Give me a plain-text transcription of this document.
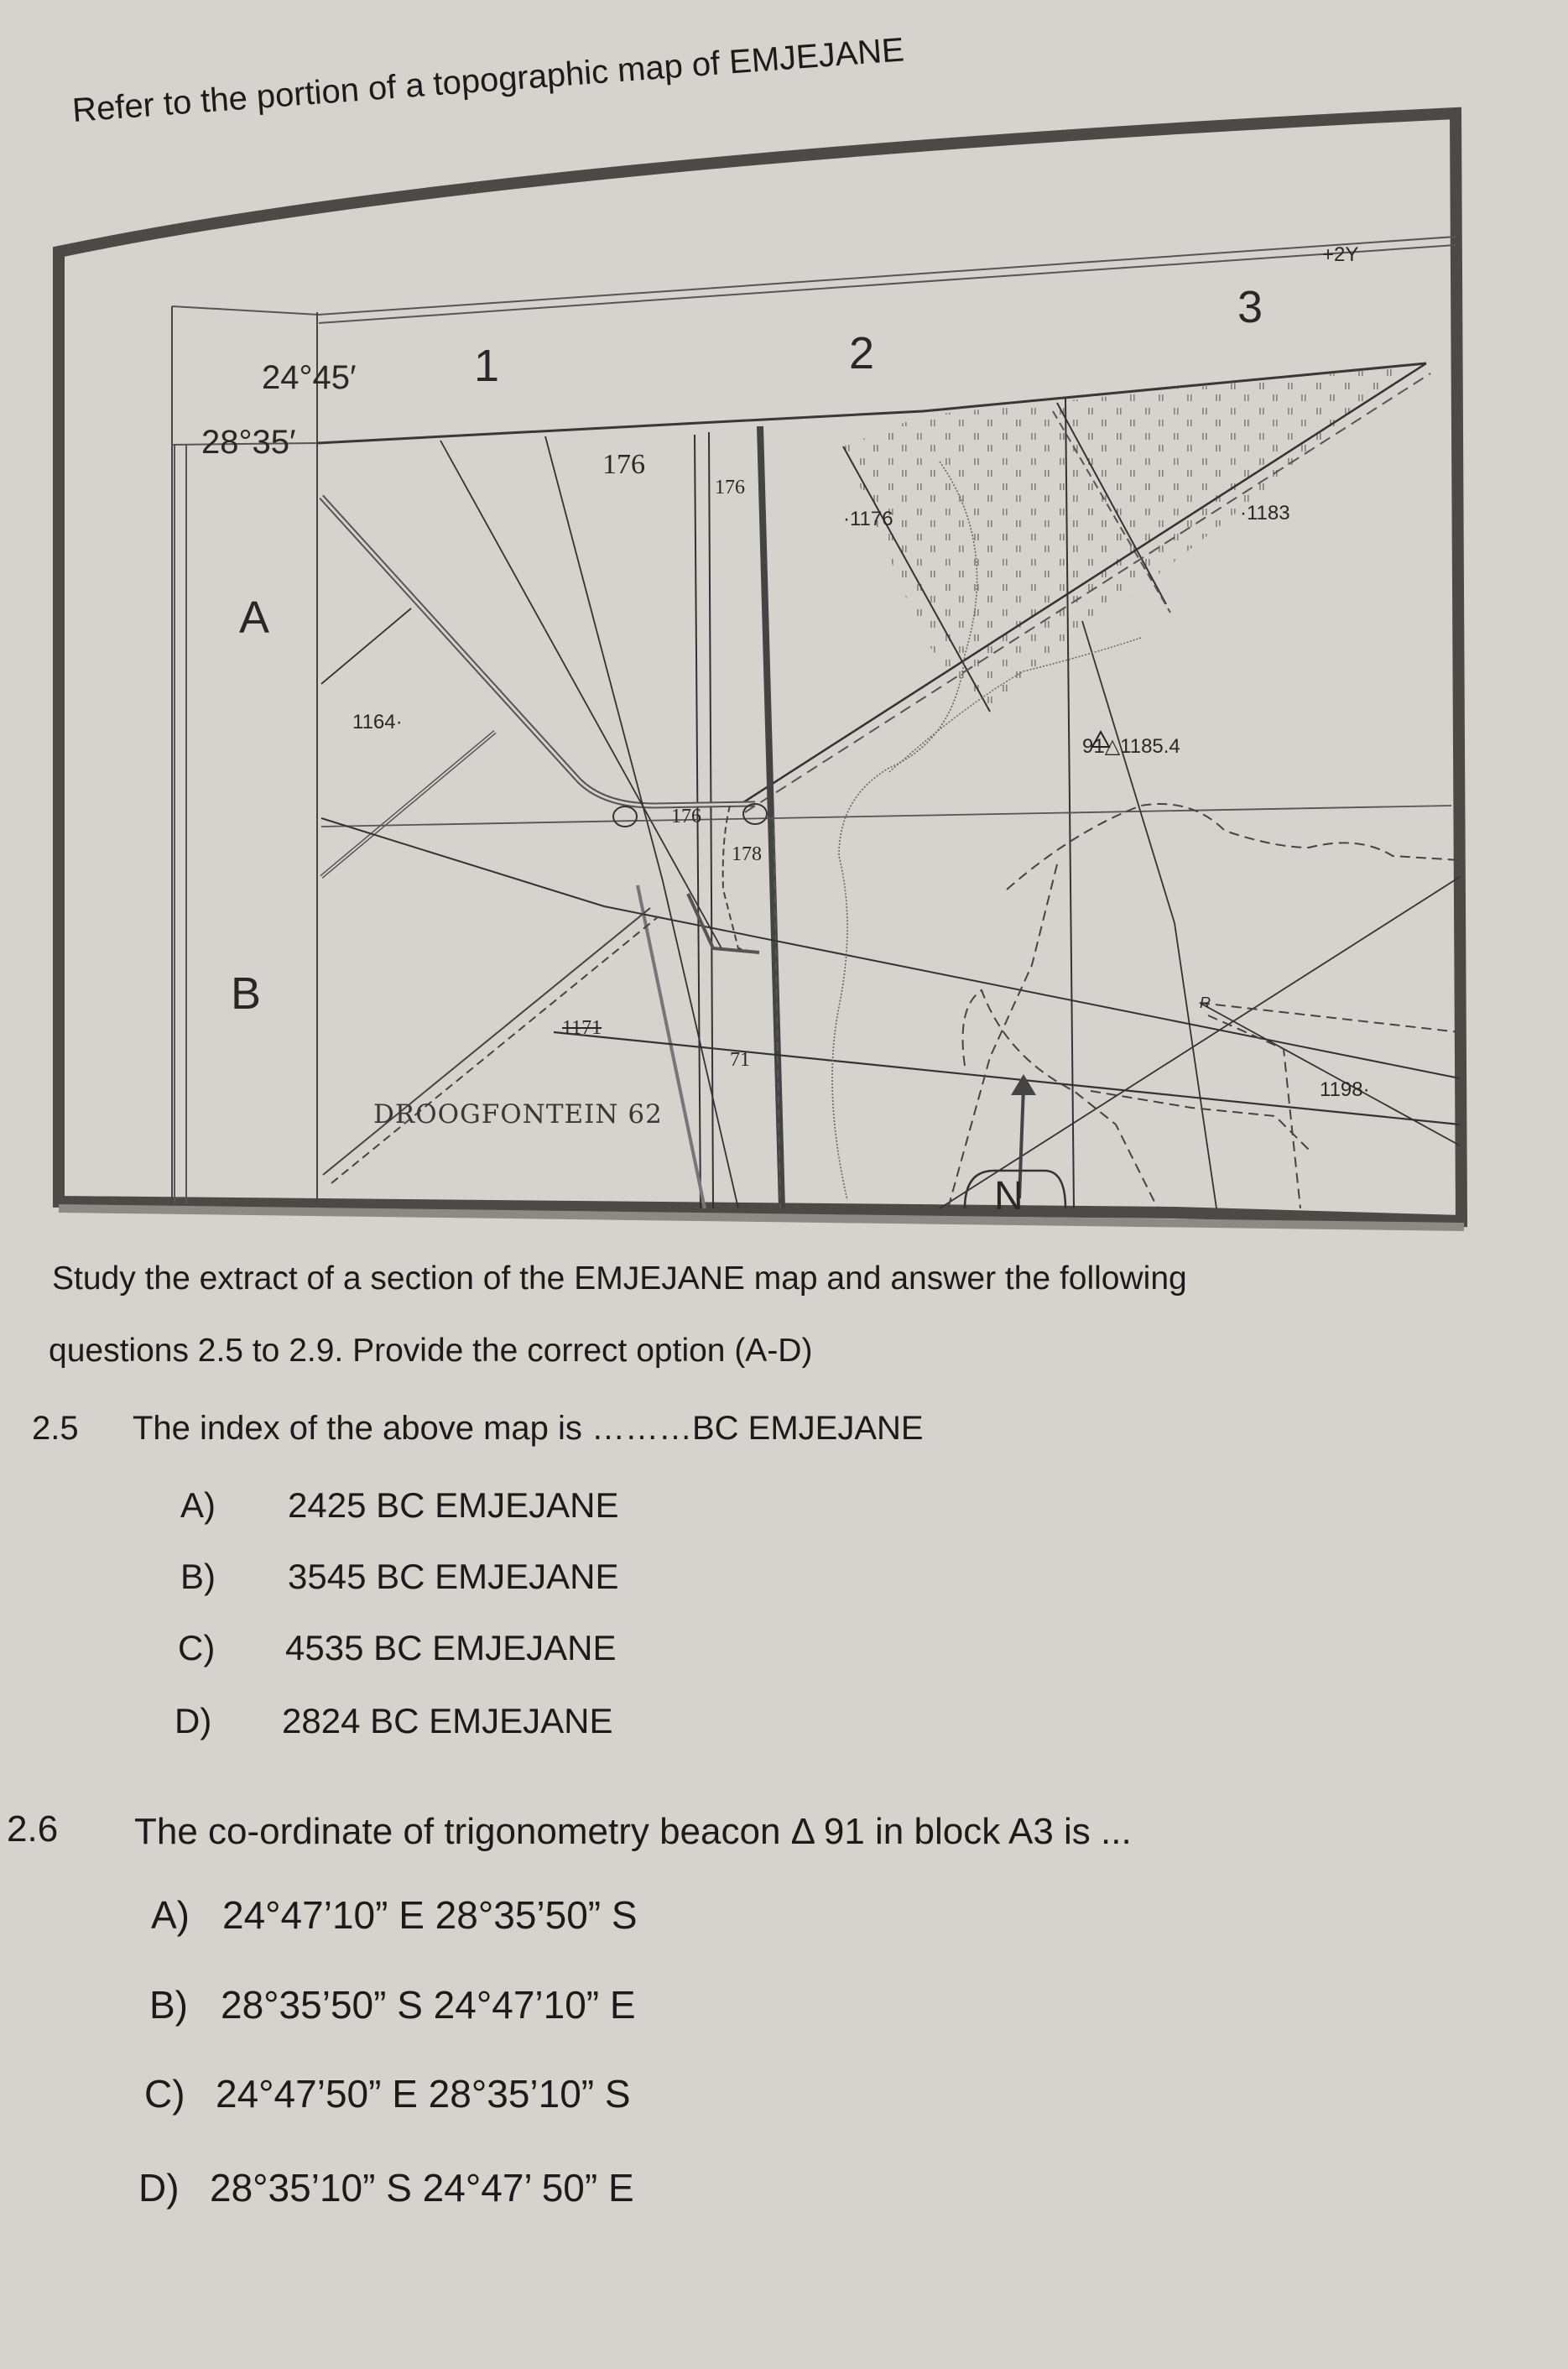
Refer to the portion of a topographic map of EMJEJANE
1	2
3
A
B
24°45′
28°35′
176
176
176
178
71
1164·
·1176	·1183
1198·
1171
91△1185.4
+2Y
R
DROOGFONTEIN 62
N
Study the extract of a section of the EMJEJANE map and answer the following
questions 2.5 to 2.9. Provide the correct option (A-D)
2.5 The index of the above map is ………BC EMJEJANE
A) 2425 BC EMJEJANE
B) 3545 BC EMJEJANE
C) 4535 BC EMJEJANE
D) 2824 BC EMJEJANE
2.6 The co-ordinate of trigonometry beacon Δ 91 in block A3 is ...
A) 24°47’10” E 28°35’50” S
B) 28°35’50” S 24°47’10” E
C) 24°47’50” E 28°35’10” S
D) 28°35’10” S 24°47’ 50” E
